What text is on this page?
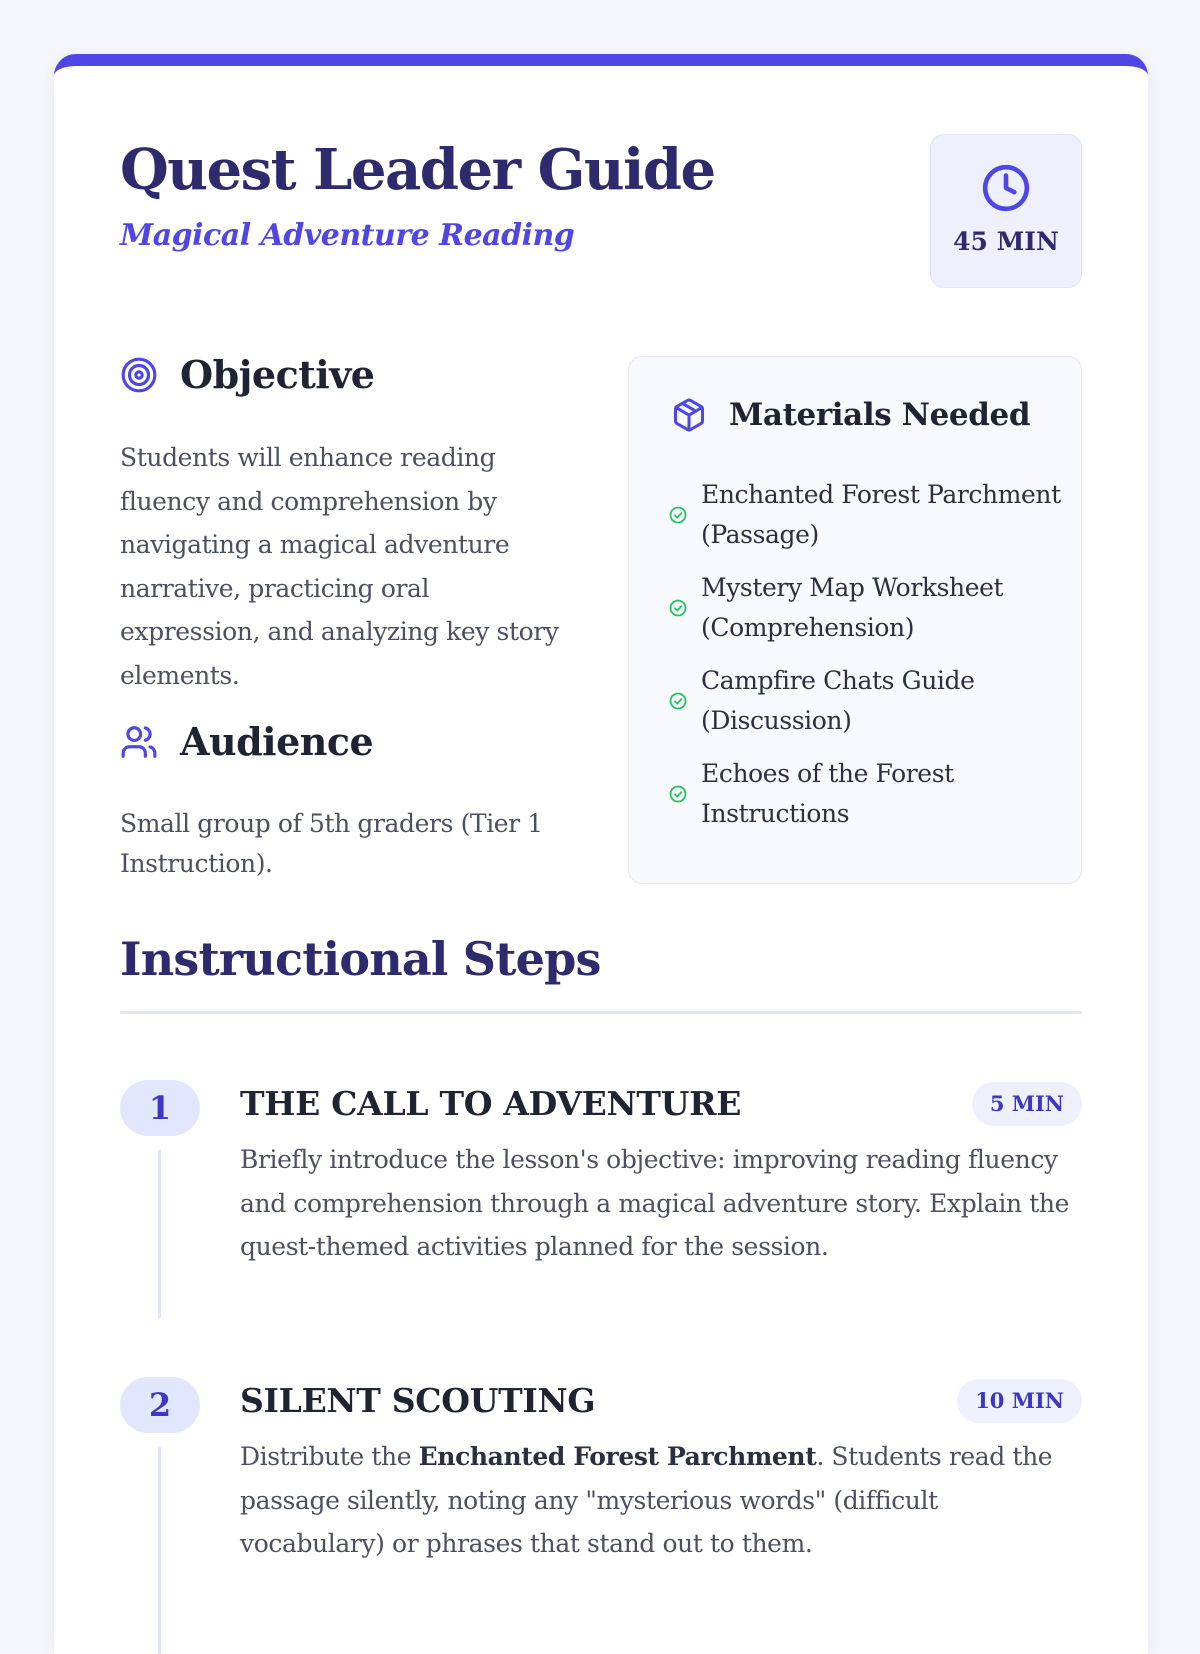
Quest Leader Guide
Magical Adventure Reading	45 MIN
Objective
Students will enhance reading fluency and comprehension by navigating a magical adventure narrative, practicing oral expression, and analyzing key story elements.
Audience
Small group of 5th graders (Tier 1 Instruction).
Materials Needed
Enchanted Forest Parchment (Passage)
Mystery Map Worksheet (Comprehension)
Campfire Chats Guide (Discussion)
Echoes of the Forest Instructions
Instructional Steps
1	THE CALL TO ADVENTURE	5 MIN
Briefly introduce the lesson's objective: improving reading fluency and comprehension through a magical adventure story. Explain the quest-themed activities planned for the session.
2	SILENT SCOUTING	10 MIN
Distribute the Enchanted Forest Parchment. Students read the passage silently, noting any "mysterious words" (difficult vocabulary) or phrases that stand out to them.
